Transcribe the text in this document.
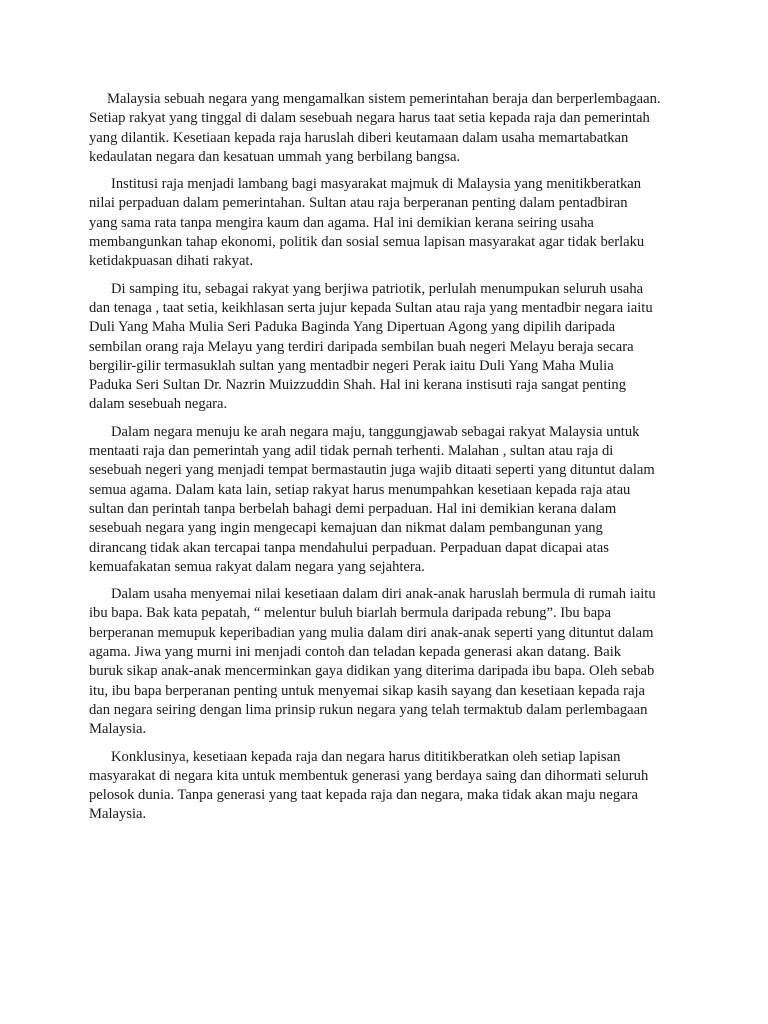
Malaysia sebuah negara yang mengamalkan sistem pemerintahan beraja dan berperlembagaan.
Setiap rakyat yang tinggal di dalam sesebuah negara harus taat setia kepada raja dan pemerintah
yang dilantik. Kesetiaan kepada raja haruslah diberi keutamaan dalam usaha memartabatkan
kedaulatan negara dan kesatuan ummah yang berbilang bangsa.

Institusi raja menjadi lambang bagi masyarakat majmuk di Malaysia yang menitikberatkan
nilai perpaduan dalam pemerintahan. Sultan atau raja berperanan penting dalam pentadbiran
yang sama rata tanpa mengira kaum dan agama. Hal ini demikian kerana seiring usaha
membangunkan tahap ekonomi, politik dan sosial semua lapisan masyarakat agar tidak berlaku
ketidakpuasan dihati rakyat.

Di samping itu, sebagai rakyat yang berjiwa patriotik, perlulah menumpukan seluruh usaha
dan tenaga , taat setia, keikhlasan serta jujur kepada Sultan atau raja yang mentadbir negara iaitu
Duli Yang Maha Mulia Seri Paduka Baginda Yang Dipertuan Agong yang dipilih daripada
sembilan orang raja Melayu yang terdiri daripada sembilan buah negeri Melayu beraja secara
bergilir-gilir termasuklah sultan yang mentadbir negeri Perak iaitu Duli Yang Maha Mulia
Paduka Seri Sultan Dr. Nazrin Muizzuddin Shah. Hal ini kerana instisuti raja sangat penting
dalam sesebuah negara.

Dalam negara menuju ke arah negara maju, tanggungjawab sebagai rakyat Malaysia untuk
mentaati raja dan pemerintah yang adil tidak pernah terhenti. Malahan , sultan atau raja di
sesebuah negeri yang menjadi tempat bermastautin juga wajib ditaati seperti yang dituntut dalam
semua agama. Dalam kata lain, setiap rakyat harus menumpahkan kesetiaan kepada raja atau
sultan dan perintah tanpa berbelah bahagi demi perpaduan. Hal ini demikian kerana dalam
sesebuah negara yang ingin mengecapi kemajuan dan nikmat dalam pembangunan yang
dirancang tidak akan tercapai tanpa mendahului perpaduan. Perpaduan dapat dicapai atas
kemuafakatan semua rakyat dalam negara yang sejahtera.

Dalam usaha menyemai nilai kesetiaan dalam diri anak-anak haruslah bermula di rumah iaitu
ibu bapa. Bak kata pepatah, “ melentur buluh biarlah bermula daripada rebung”. Ibu bapa
berperanan memupuk keperibadian yang mulia dalam diri anak-anak seperti yang dituntut dalam
agama. Jiwa yang murni ini menjadi contoh dan teladan kepada generasi akan datang. Baik
buruk sikap anak-anak mencerminkan gaya didikan yang diterima daripada ibu bapa. Oleh sebab
itu, ibu bapa berperanan penting untuk menyemai sikap kasih sayang dan kesetiaan kepada raja
dan negara seiring dengan lima prinsip rukun negara yang telah termaktub dalam perlembagaan
Malaysia.

Konklusinya, kesetiaan kepada raja dan negara harus dititikberatkan oleh setiap lapisan
masyarakat di negara kita untuk membentuk generasi yang berdaya saing dan dihormati seluruh
pelosok dunia. Tanpa generasi yang taat kepada raja dan negara, maka tidak akan maju negara
Malaysia.
